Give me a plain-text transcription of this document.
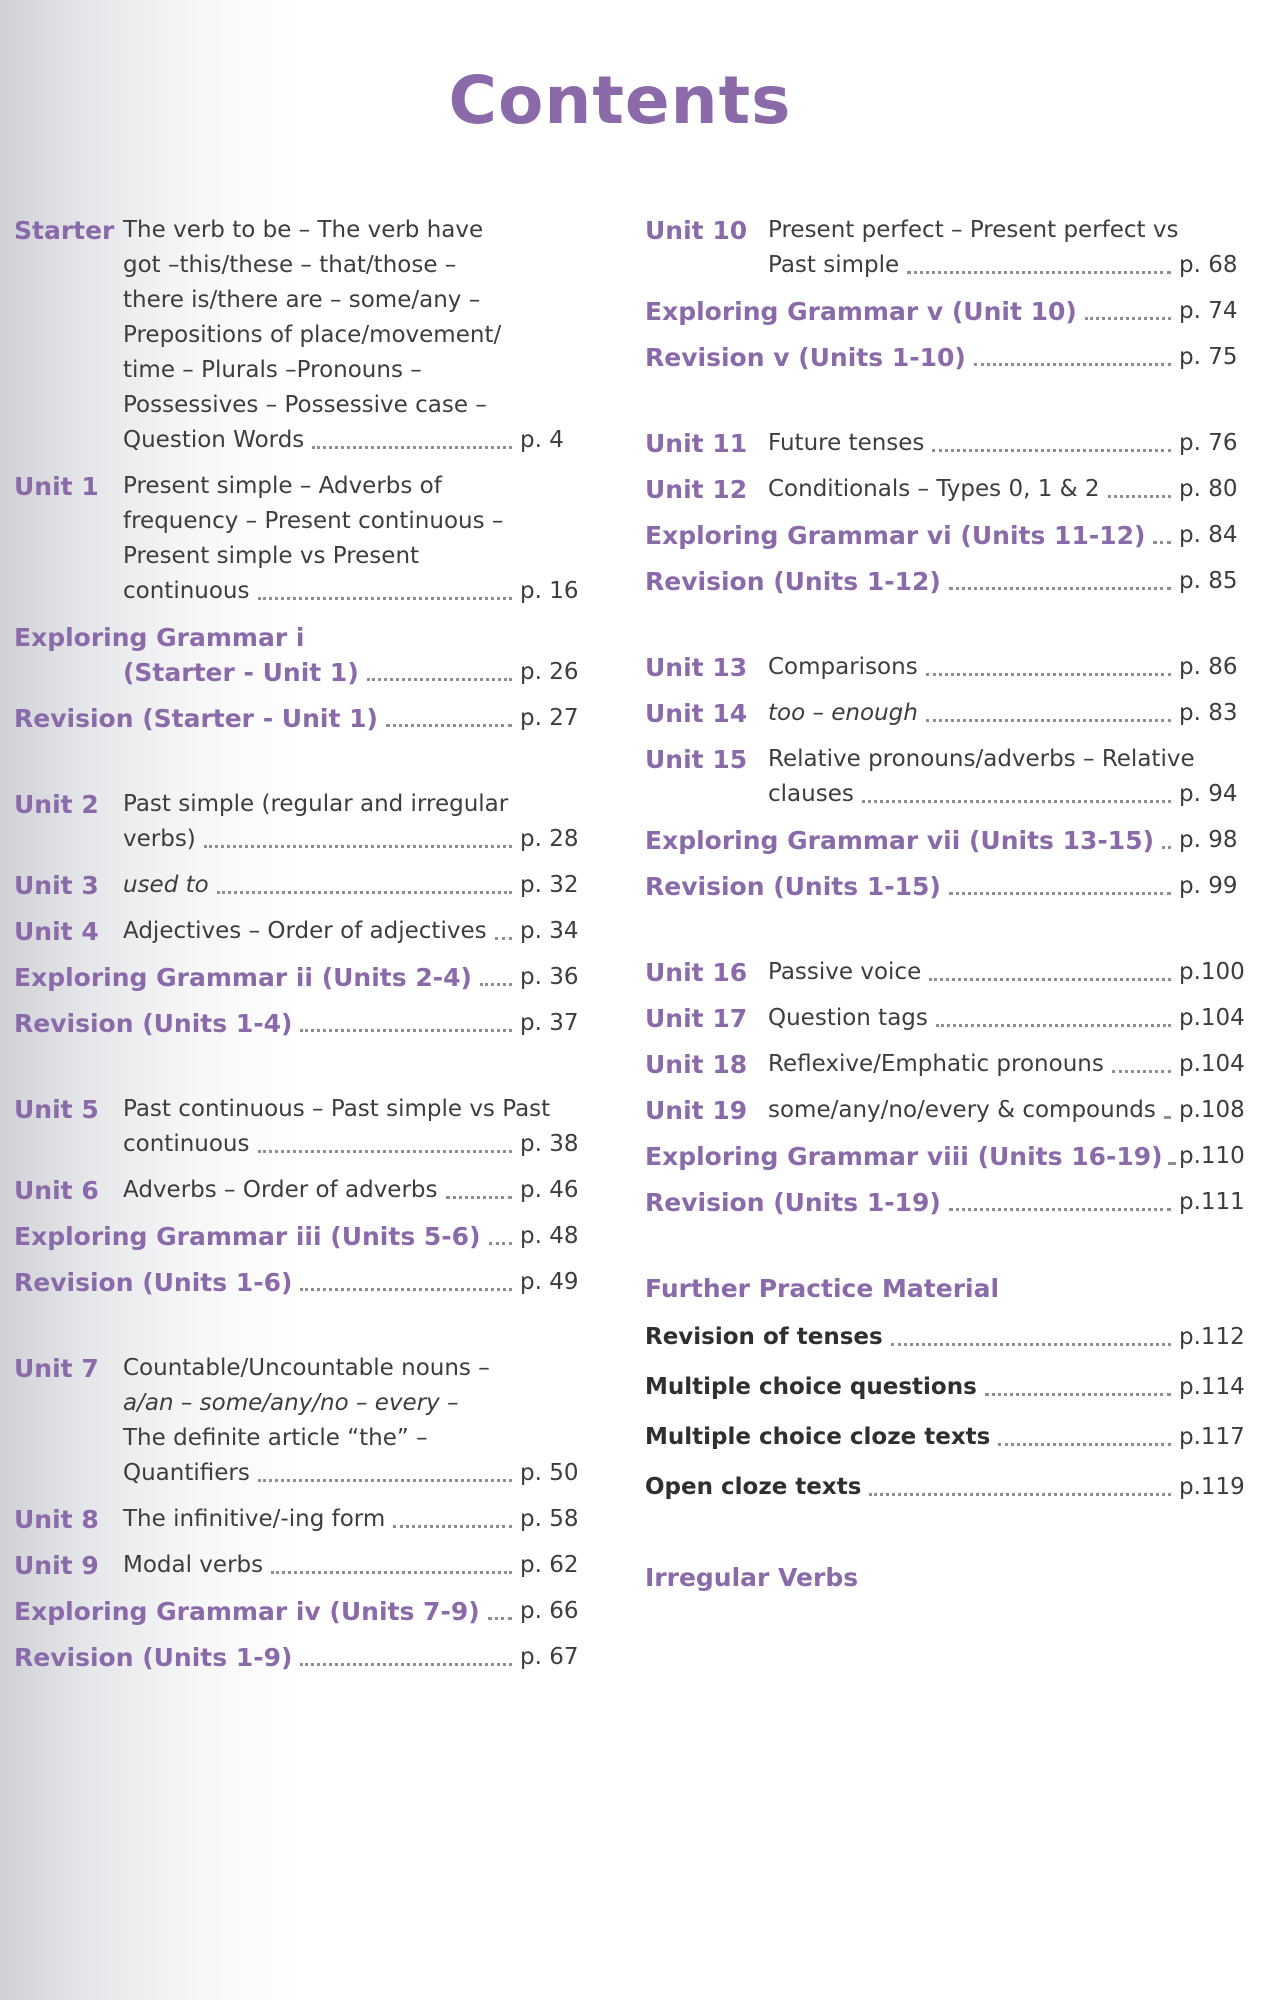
Contents
Starter The verb to be – The verb have
got –this/these – that/those –
there is/there are – some/any –
Prepositions of place/movement/
time – Plurals –Pronouns –
Possessives – Possessive case –
Question Words	p. 4
Unit 1	Present simple – Adverbs of
frequency – Present continuous –
Present simple vs Present
continuous	p. 16
Exploring Grammar i
(Starter - Unit 1)	p. 26
Revision (Starter - Unit 1)	p. 27
Unit 2	Past simple (regular and irregular
verbs)	p. 28
Unit 3	used to	p. 32
Unit 4	Adjectives – Order of adjectives p. 34
Exploring Grammar ii (Units 2-4) p. 36
Revision (Units 1-4)	p. 37
Unit 5	Past continuous – Past simple vs Past
continuous	p. 38
Unit 6	Adverbs – Order of adverbs	p. 46
Exploring Grammar iii (Units 5-6) p. 48
Revision (Units 1-6)	p. 49
Unit 7	Countable/Uncountable nouns –
a/an – some/any/no – every –
The definite article “the” –
Quantifiers	p. 50
Unit 8	The infinitive/-ing form	p. 58
Unit 9	Modal verbs	p. 62
Exploring Grammar iv (Units 7-9) p. 66
Revision (Units 1-9)	p. 67
Unit 10 Present perfect – Present perfect vs
Past simple	p. 68
Exploring Grammar v (Unit 10)	p. 74
Revision v (Units 1-10)	p. 75
Unit 11 Future tenses	p. 76
Unit 12 Conditionals – Types 0, 1 & 2	p. 80
Exploring Grammar vi (Units 11-12) p. 84
Revision (Units 1-12)	p. 85
Unit 13 Comparisons	p. 86
Unit 14 too – enough	p. 83
Unit 15 Relative pronouns/adverbs – Relative
clauses	p. 94
Exploring Grammar vii (Units 13-15) p. 98
Revision (Units 1-15)	p. 99
Unit 16 Passive voice	p.100
Unit 17 Question tags	p.104
Unit 18 Reflexive/Emphatic pronouns	p.104
Unit 19 some/any/no/every & compounds p.108
Exploring Grammar viii (Units 16-19) p.110
Revision (Units 1-19)	p.111
Further Practice Material
Revision of tenses	p.112
Multiple choice questions	p.114
Multiple choice cloze texts	p.117
Open cloze texts	p.119
Irregular Verbs
